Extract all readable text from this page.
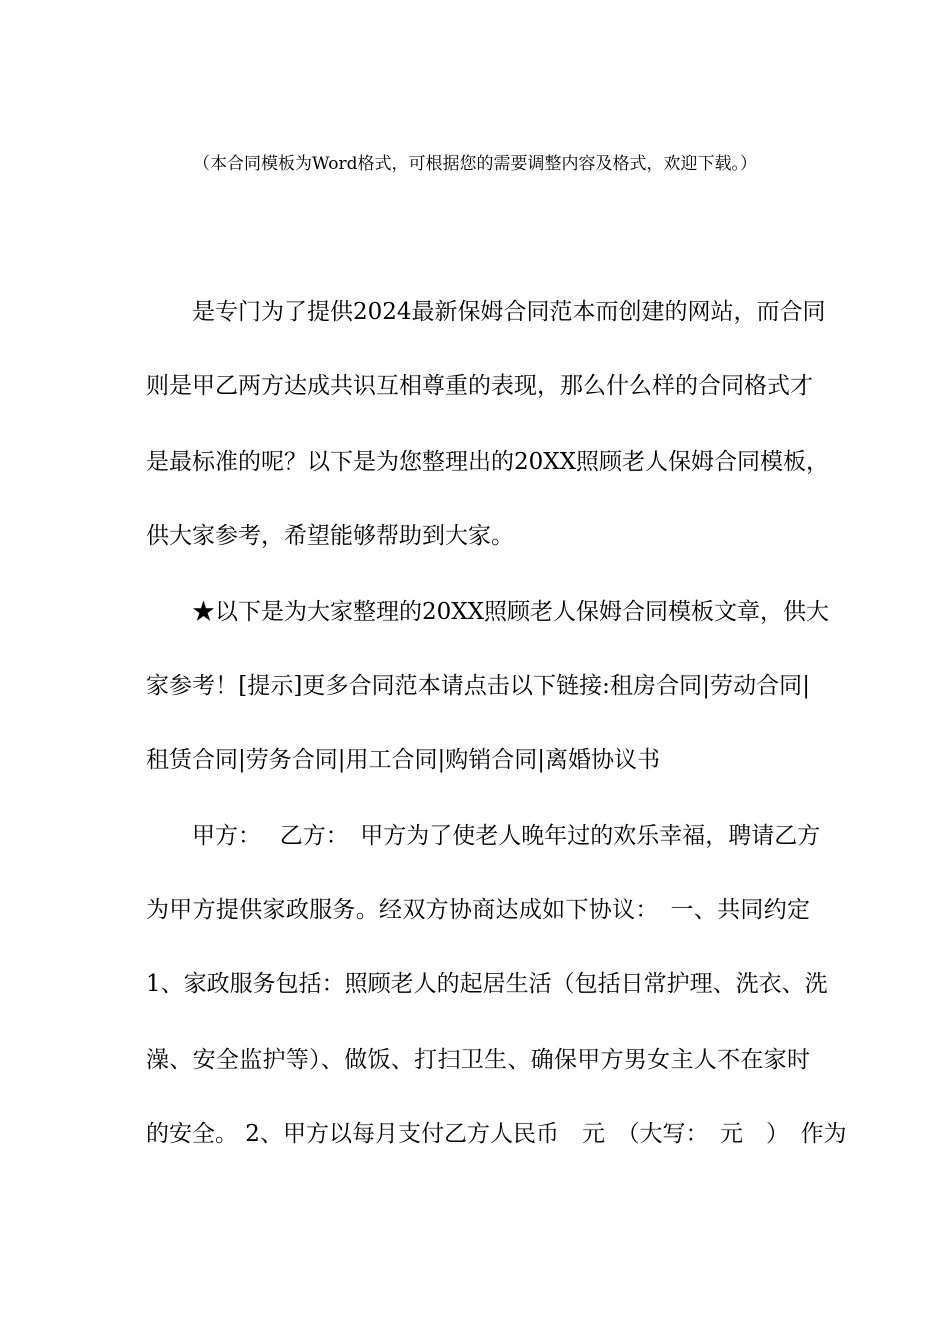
（本合同模板为Word格式，可根据您的需要调整内容及格式，欢迎下载。）
是专门为了提供2024最新保姆合同范本而创建的网站，而合同
则是甲乙两方达成共识互相尊重的表现，那么什么样的合同格式才
是最标准的呢？以下是为您整理出的20XX照顾老人保姆合同模板，
供大家参考，希望能够帮助到大家。
★以下是为大家整理的20XX照顾老人保姆合同模板文章，供大
家参考！[提示]更多合同范本请点击以下链接:租房合同|劳动合同|
租赁合同|劳务合同|用工合同|购销合同|离婚协议书
甲方：　 乙方：　甲方为了使老人晚年过的欢乐幸福，聘请乙方
为甲方提供家政服务。经双方协商达成如下协议：　一、共同约定
1、家政服务包括：照顾老人的起居生活（包括日常护理、洗衣、洗
澡、安全监护等）、做饭、打扫卫生、确保甲方男女主人不在家时
的安全。 2、甲方以每月支付乙方人民币　元　（大写：　元　）　作为
